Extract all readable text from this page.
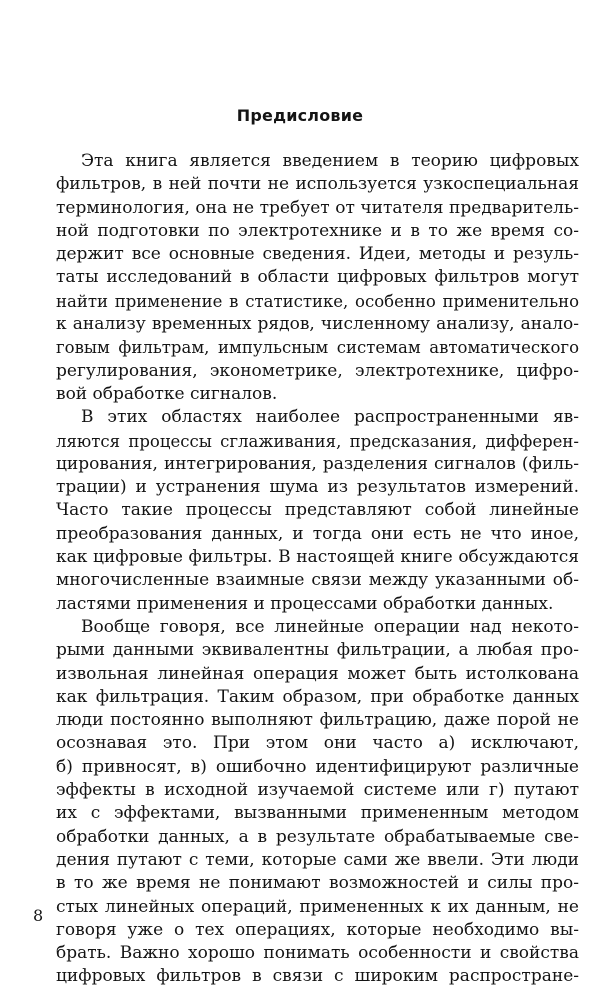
Предисловие
Эта книга является введением в теорию цифровых
фильтров, в ней почти не используется узкоспециальная
терминология, она не требует от читателя предваритель-
ной подготовки по электротехнике и в то же время со-
держит все основные сведения. Идеи, методы и резуль-
таты исследований в области цифровых фильтров могут
найти применение в статистике, особенно применительно
к анализу временных рядов, численному анализу, анало-
говым фильтрам, импульсным системам автоматического
регулирования, эконометрике, электротехнике, цифро-
вой обработке сигналов.
В этих областях наиболее распространенными яв-
ляются процессы сглаживания, предсказания, дифферен-
цирования, интегрирования, разделения сигналов (филь-
трации) и устранения шума из результатов измерений.
Часто такие процессы представляют собой линейные
преобразования данных, и тогда они есть не что иное,
как цифровые фильтры. В настоящей книге обсуждаются
многочисленные взаимные связи между указанными об-
ластями применения и процессами обработки данных.
Вообще говоря, все линейные операции над некото-
рыми данными эквивалентны фильтрации, а любая про-
извольная линейная операция может быть истолкована
как фильтрация. Таким образом, при обработке данных
люди постоянно выполняют фильтрацию, даже порой не
осознавая это. При этом они часто а) исключают,
б) привносят, в) ошибочно идентифицируют различные
эффекты в исходной изучаемой системе или г) путают
их с эффектами, вызванными примененным методом
обработки данных, а в результате обрабатываемые све-
дения путают с теми, которые сами же ввели. Эти люди
в то же время не понимают возможностей и силы про-
стых линейных операций, примененных к их данным, не
говоря уже о тех операциях, которые необходимо вы-
брать. Важно хорошо понимать особенности и свойства
цифровых фильтров в связи с широким распростране-
8
